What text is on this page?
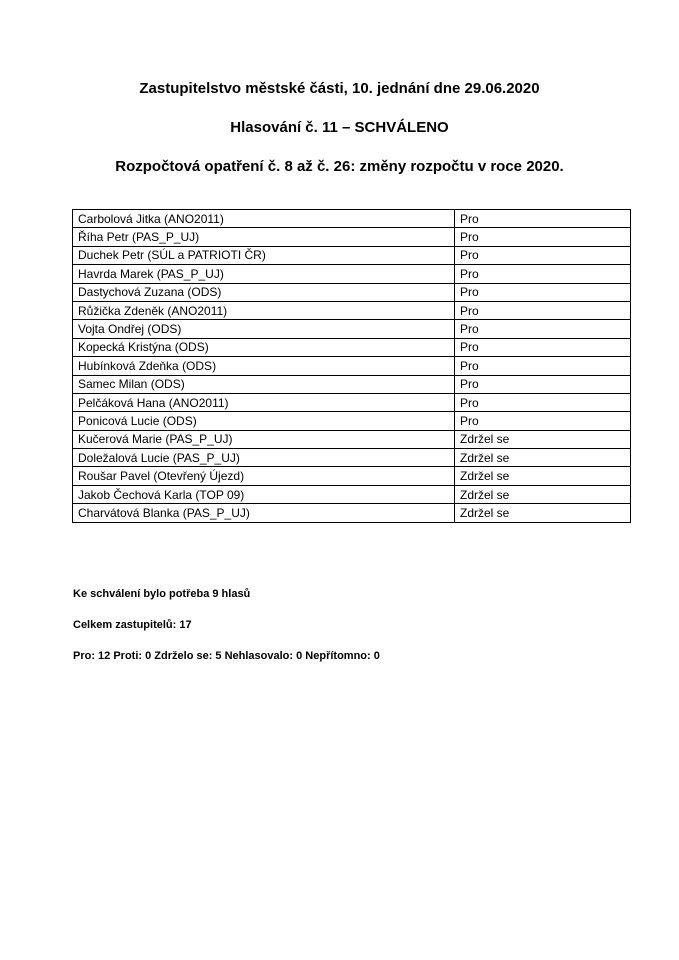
Zastupitelstvo městské části, 10. jednání dne 29.06.2020

Hlasování č. 11 – SCHVÁLENO

Rozpočtová opatření č. 8 až č. 26: změny rozpočtu v roce 2020.

Carbolová Jitka (ANO2011)	Pro
Říha Petr (PAS_P_UJ)	Pro
Duchek Petr (SÚL a PATRIOTI ČR)	Pro
Havrda Marek (PAS_P_UJ)	Pro
Dastychová Zuzana (ODS)	Pro
Růžička Zdeněk (ANO2011)	Pro
Vojta Ondřej (ODS)	Pro
Kopecká Kristýna (ODS)	Pro
Hubínková Zdeňka (ODS)	Pro
Samec Milan (ODS)	Pro
Pelčáková Hana (ANO2011)	Pro
Ponicová Lucie (ODS)	Pro
Kučerová Marie (PAS_P_UJ)	Zdržel se
Doležalová Lucie (PAS_P_UJ)	Zdržel se
Roušar Pavel (Otevřený Újezd)	Zdržel se
Jakob Čechová Karla (TOP 09)	Zdržel se
Charvátová Blanka (PAS_P_UJ)	Zdržel se

Ke schválení bylo potřeba 9 hlasů

Celkem zastupitelů: 17

Pro: 12 Proti: 0 Zdrželo se: 5 Nehlasovalo: 0 Nepřítomno: 0
